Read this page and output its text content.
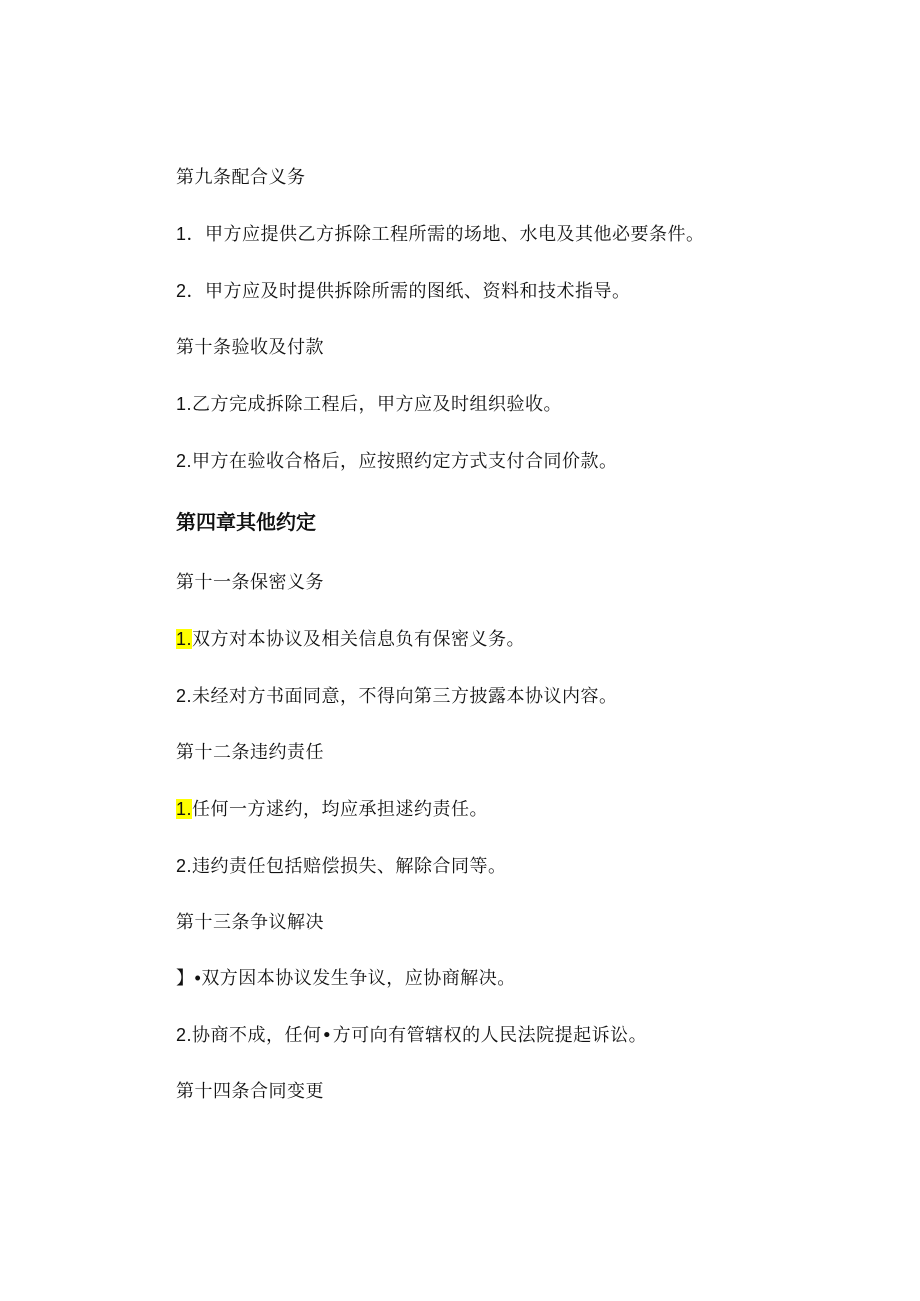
第九条配合义务
1．甲方应提供乙方拆除工程所需的场地、水电及其他必要条件。
2．甲方应及时提供拆除所需的图纸、资料和技术指导。
第十条验收及付款
1.乙方完成拆除工程后，甲方应及时组织验收。
2.甲方在验收合格后，应按照约定方式支付合同价款。
第四章其他约定
第十一条保密义务
1.双方对本协议及相关信息负有保密义务。
2.未经对方书面同意，不得向第三方披露本协议内容。
第十二条违约责任
1.任何一方逑约，均应承担逑约责任。
2.违约责任包括赔偿损失、解除合同等。
第十三条争议解决
】•双方因本协议发生争议，应协商解决。
2.协商不成，任何•方可向有管辖权的人民法院提起诉讼。
第十四条合同变更
